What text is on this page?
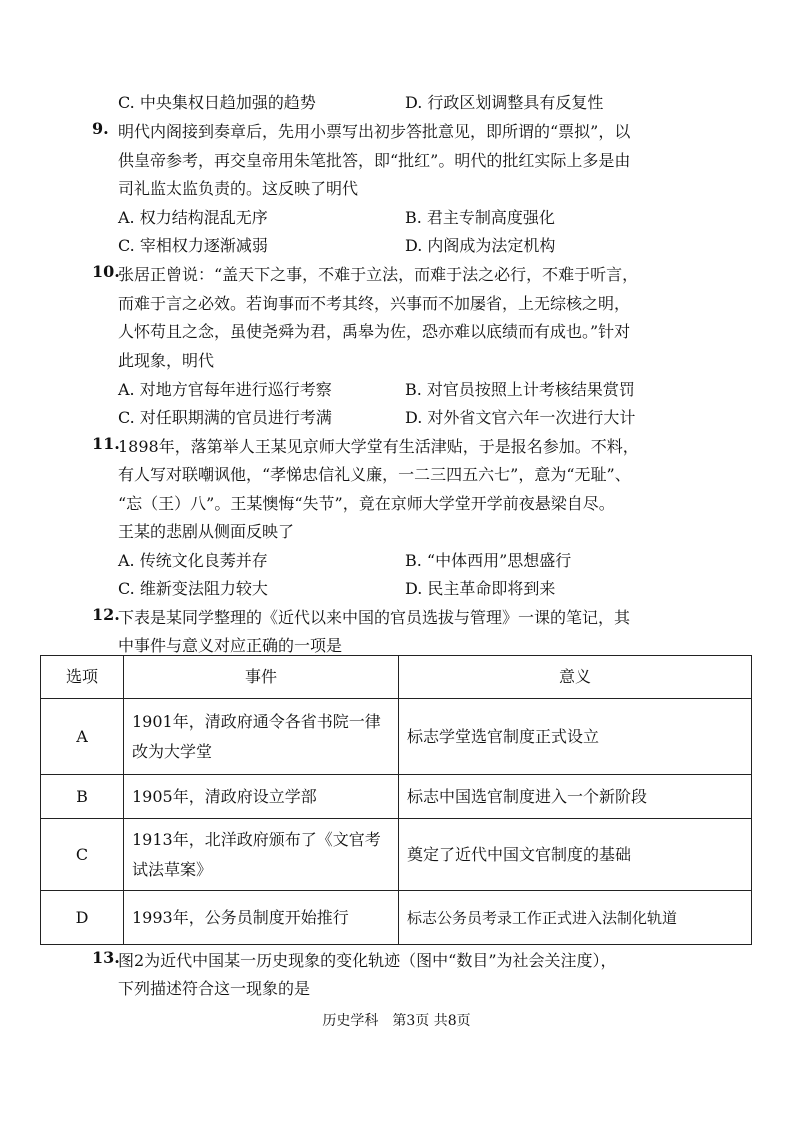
C. 中央集权日趋加强的趋势	D. 行政区划调整具有反复性
9. 明代内阁接到奏章后，先用小票写出初步答批意见，即所谓的“票拟”，以
供皇帝参考，再交皇帝用朱笔批答，即“批红”。明代的批红实际上多是由
司礼监太监负责的。这反映了明代
A. 权力结构混乱无序	B. 君主专制高度强化
C. 宰相权力逐渐减弱	D. 内阁成为法定机构
10.
张居正曾说：“盖天下之事，不难于立法，而难于法之必行，不难于听言，
而难于言之必效。若询事而不考其终，兴事而不加屡省，上无综核之明，
人怀苟且之念，虽使尧舜为君，禹皋为佐，恐亦难以底绩而有成也。”针对
此现象，明代
A. 对地方官每年进行巡行考察	B. 对官员按照上计考核结果赏罚
C. 对任职期满的官员进行考满	D. 对外省文官六年一次进行大计
11.
1898年，落第举人王某见京师大学堂有生活津贴，于是报名参加。不料，
有人写对联嘲讽他，“孝悌忠信礼义廉，一二三四五六七”，意为“无耻”、
“忘（王）八”。王某懊悔“失节”，竟在京师大学堂开学前夜悬梁自尽。
王某的悲剧从侧面反映了
A. 传统文化良莠并存	B. “中体西用”思想盛行
C. 维新变法阻力较大	D. 民主革命即将到来
12.
下表是某同学整理的《近代以来中国的官员选拔与管理》一课的笔记，其
中事件与意义对应正确的一项是
选项	事件	意义
A	1901年，清政府通令各省书院一律改为大学堂	标志学堂选官制度正式设立
B	1905年，清政府设立学部	标志中国选官制度进入一个新阶段
C	1913年，北洋政府颁布了《文官考试法草案》	奠定了近代中国文官制度的基础
D	1993年，公务员制度开始推行	标志公务员考录工作正式进入法制化轨道
13.
图2为近代中国某一历史现象的变化轨迹（图中“数目”为社会关注度），
下列描述符合这一现象的是
历史学科　第3页 共8页
